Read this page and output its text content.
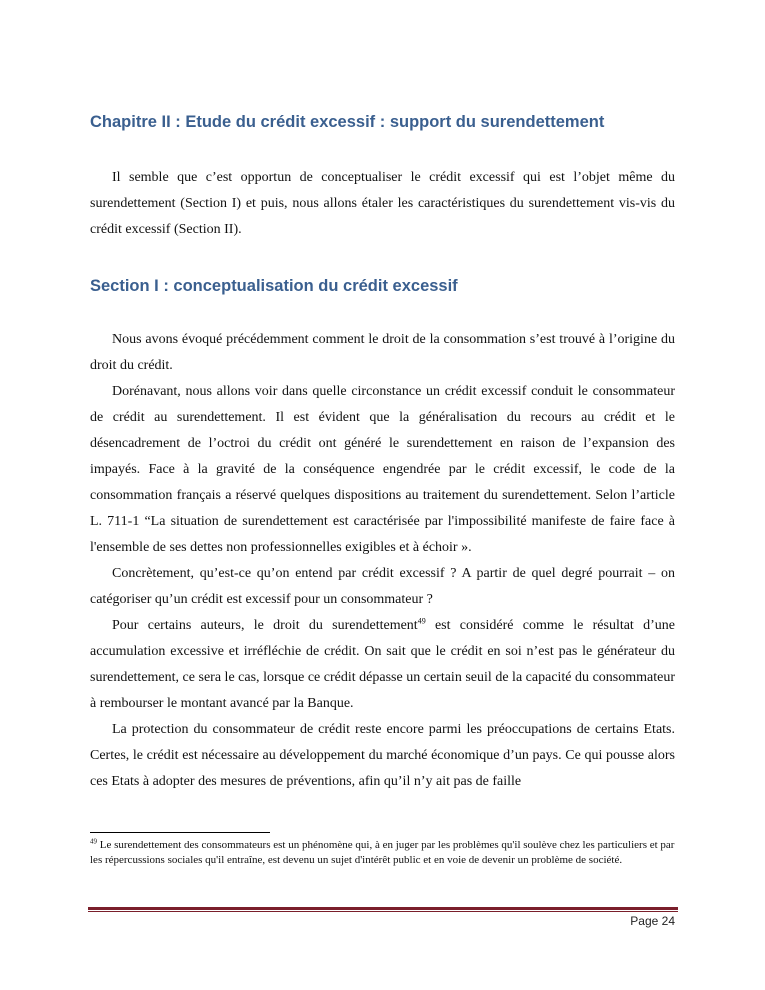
Chapitre II : Etude du crédit excessif : support du surendettement

Il semble que c’est opportun de conceptualiser le crédit excessif qui est l’objet même du surendettement (Section I) et puis, nous allons étaler les caractéristiques du surendettement vis-vis du crédit excessif (Section II).

Section I : conceptualisation du crédit excessif

Nous avons évoqué précédemment comment le droit de la consommation s’est trouvé à l’origine du droit du crédit.

Dorénavant, nous allons voir dans quelle circonstance un crédit excessif conduit le consommateur de crédit au surendettement. Il est évident que la généralisation du recours au crédit et le désencadrement de l’octroi du crédit ont généré le surendettement en raison de l’expansion des impayés. Face à la gravité de la conséquence engendrée par le crédit excessif, le code de la consommation français a réservé quelques dispositions au traitement du surendettement. Selon l’article L. 711-1 “La situation de surendettement est caractérisée par l'impossibilité manifeste de faire face à l'ensemble de ses dettes non professionnelles exigibles et à échoir ».

Concrètement, qu’est-ce qu’on entend par crédit excessif ? A partir de quel degré pourrait – on catégoriser qu’un crédit est excessif pour un consommateur ?

Pour certains auteurs, le droit du surendettement$^{49}$ est considéré comme le résultat d’une accumulation excessive et irréfléchie de crédit. On sait que le crédit en soi n’est pas le générateur du surendettement, ce sera le cas, lorsque ce crédit dépasse un certain seuil de la capacité du consommateur à rembourser le montant avancé par la Banque.

La protection du consommateur de crédit reste encore parmi les préoccupations de certains Etats. Certes, le crédit est nécessaire au développement du marché économique d’un pays. Ce qui pousse alors ces Etats à adopter des mesures de préventions, afin qu’il n’y ait pas de faille

$^{49}$ Le surendettement des consommateurs est un phénomène qui, à en juger par les problèmes qu'il soulève chez les particuliers et par les répercussions sociales qu'il entraîne, est devenu un sujet d'intérêt public et en voie de devenir un problème de société.
Page 24
